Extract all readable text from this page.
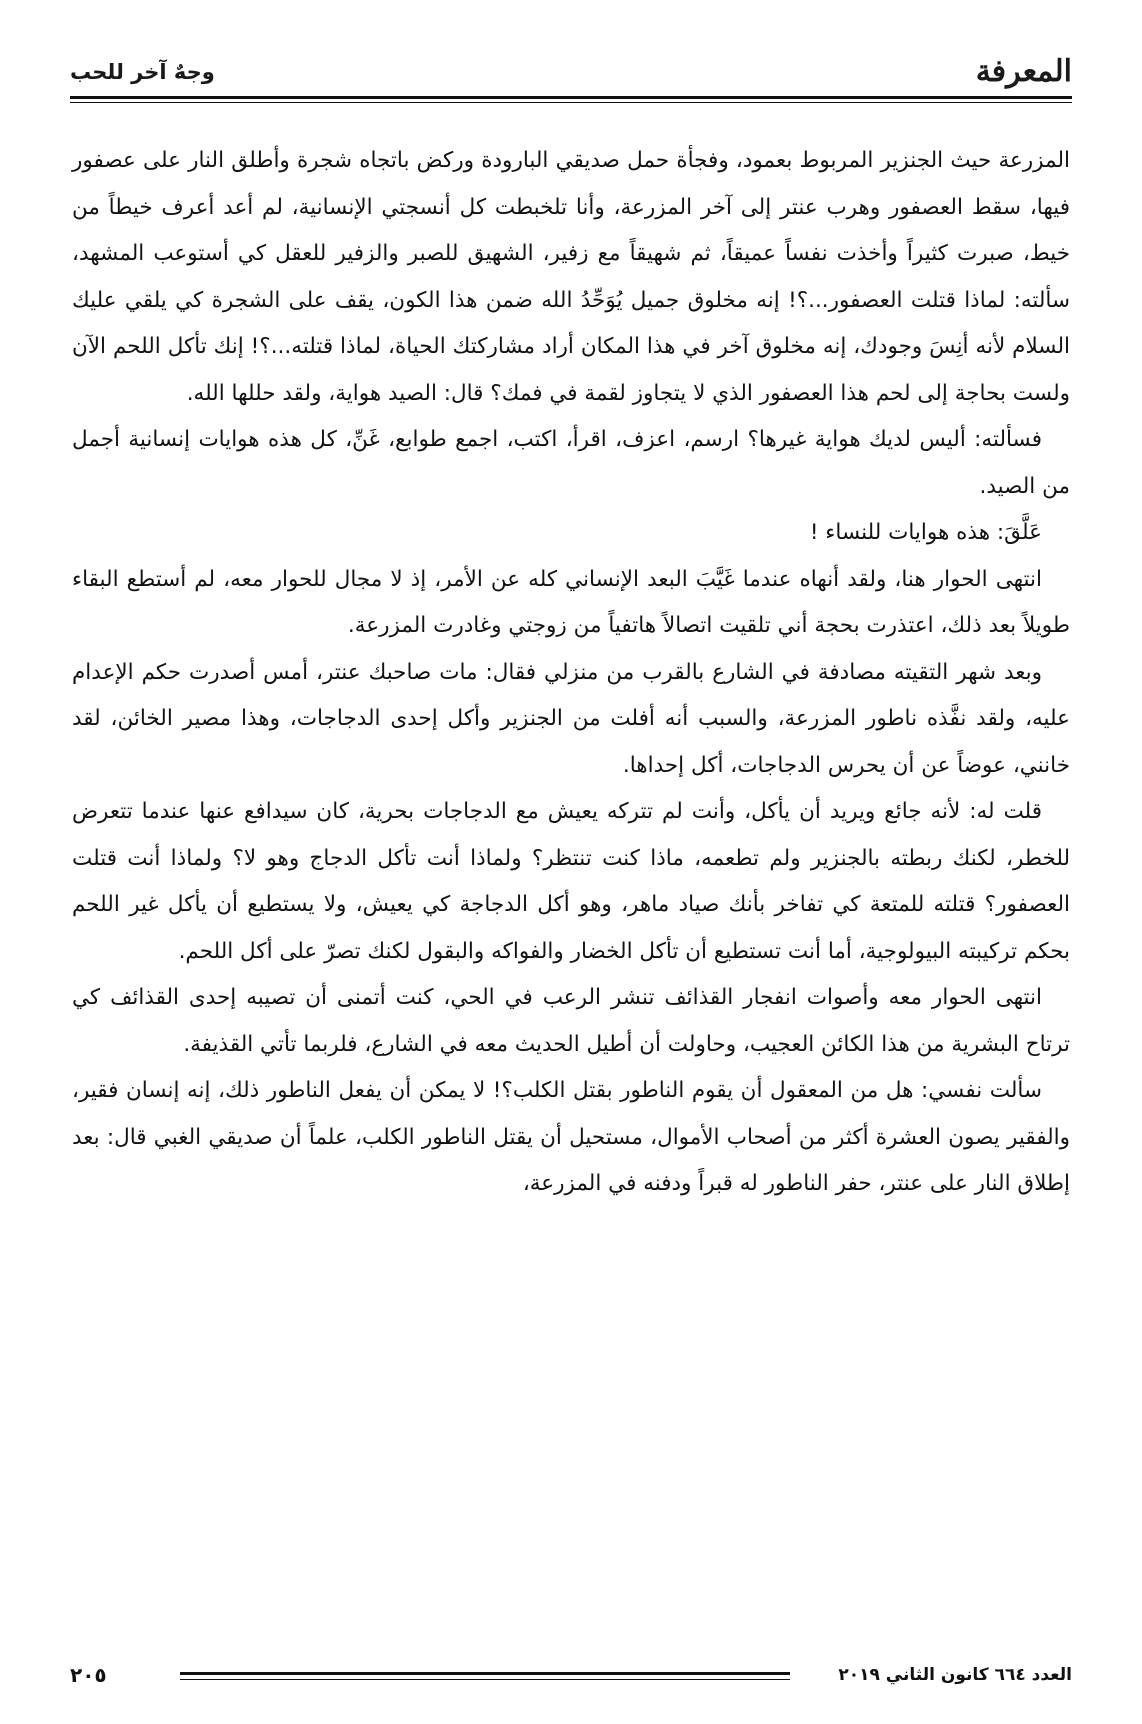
المعرفة
وجهٌ آخر للحب

المزرعة حيث الجنزير المربوط بعمود، وفجأة حمل صديقي البارودة وركض باتجاه شجرة وأطلق النار على عصفور فيها، سقط العصفور وهرب عنتر إلى آخر المزرعة، وأنا تلخبطت كل أنسجتي الإنسانية، لم أعد أعرف خيطاً من خيط، صبرت كثيراً وأخذت نفساً عميقاً، ثم شهيقاً مع زفير، الشهيق للصبر والزفير للعقل كي أستوعب المشهد، سألته: لماذا قتلت العصفور...؟! إنه مخلوق جميل يُوَحِّدُ الله ضمن هذا الكون، يقف على الشجرة كي يلقي عليك السلام لأنه أنِسَ وجودك، إنه مخلوق آخر في هذا المكان أراد مشاركتك الحياة، لماذا قتلته...؟! إنك تأكل اللحم الآن ولست بحاجة إلى لحم هذا العصفور الذي لا يتجاوز لقمة في فمك؟ قال: الصيد هواية، ولقد حللها الله.

فسألته: أليس لديك هواية غيرها؟ ارسم، اعزف، اقرأ، اكتب، اجمع طوابع، غَنِّ، كل هذه هوايات إنسانية أجمل من الصيد.

عَلَّقَ: هذه هوايات للنساء !

انتهى الحوار هنا، ولقد أنهاه عندما غَيَّبَ البعد الإنساني كله عن الأمر، إذ لا مجال للحوار معه، لم أستطع البقاء طويلاً بعد ذلك، اعتذرت بحجة أني تلقيت اتصالاً هاتفياً من زوجتي وغادرت المزرعة.

وبعد شهر التقيته مصادفة في الشارع بالقرب من منزلي فقال: مات صاحبك عنتر، أمس أصدرت حكم الإعدام عليه، ولقد نفَّذه ناطور المزرعة، والسبب أنه أفلت من الجنزير وأكل إحدى الدجاجات، وهذا مصير الخائن، لقد خانني، عوضاً عن أن يحرس الدجاجات، أكل إحداها.

قلت له: لأنه جائع ويريد أن يأكل، وأنت لم تتركه يعيش مع الدجاجات بحرية، كان سيدافع عنها عندما تتعرض للخطر، لكنك ربطته بالجنزير ولم تطعمه، ماذا كنت تنتظر؟ ولماذا أنت تأكل الدجاج وهو لا؟ ولماذا أنت قتلت العصفور؟ قتلته للمتعة كي تفاخر بأنك صياد ماهر، وهو أكل الدجاجة كي يعيش، ولا يستطيع أن يأكل غير اللحم بحكم تركيبته البيولوجية، أما أنت تستطيع أن تأكل الخضار والفواكه والبقول لكنك تصرّ على أكل اللحم.

انتهى الحوار معه وأصوات انفجار القذائف تنشر الرعب في الحي، كنت أتمنى أن تصيبه إحدى القذائف كي ترتاح البشرية من هذا الكائن العجيب، وحاولت أن أطيل الحديث معه في الشارع، فلربما تأتي القذيفة.

سألت نفسي: هل من المعقول أن يقوم الناطور بقتل الكلب؟! لا يمكن أن يفعل الناطور ذلك، إنه إنسان فقير، والفقير يصون العشرة أكثر من أصحاب الأموال، مستحيل أن يقتل الناطور الكلب، علماً أن صديقي الغبي قال: بعد إطلاق النار على عنتر، حفر الناطور له قبراً ودفنه في المزرعة،

العدد ٦٦٤ كانون الثاني ٢٠١٩
٢٠٥
